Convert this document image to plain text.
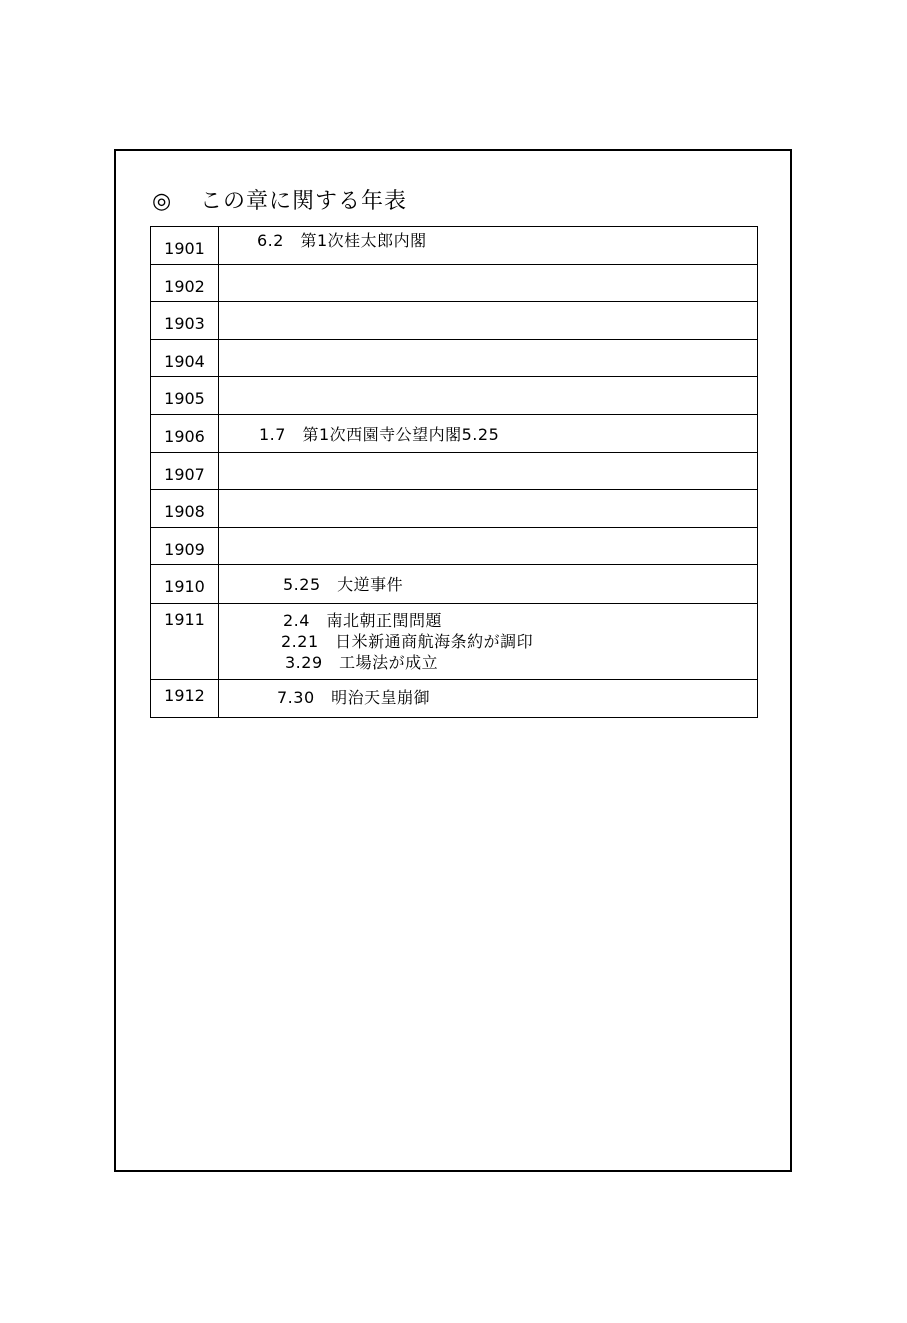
◎ この章に関する年表
1901	6.2　第1次桂太郎内閣

1902	
1903	
1904	
1905	
1906	1.7　第1次西園寺公望内閣5.25

1907	
1908	
1909	
1910	5.25　大逆事件

1911	2.4　南北朝正閏問題
2.21　日米新通商航海条約が調印
3.29　工場法が成立

1912	7.30　明治天皇崩御
